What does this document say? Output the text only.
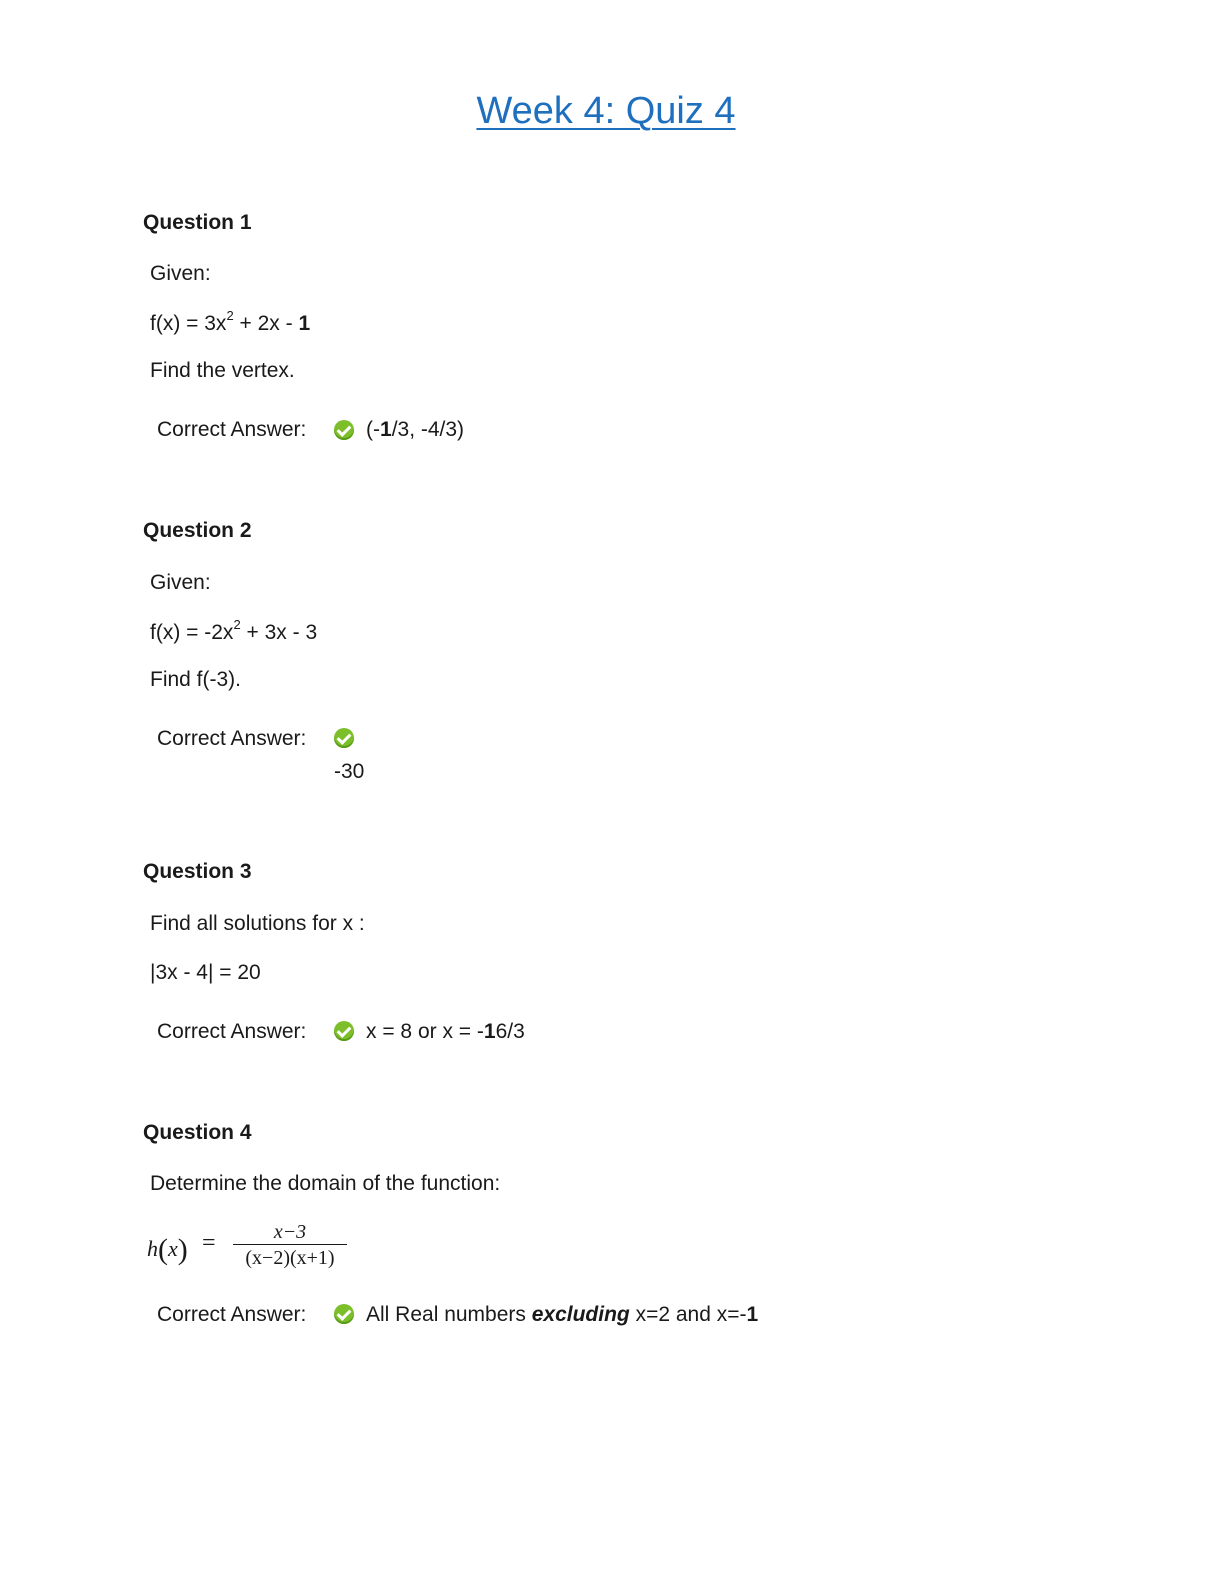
Week 4: Quiz 4
Question 1
Given:
$f(x) = 3x^2 + 2x - 1$
Find the vertex.
Correct Answer:	(-1/3, -4/3)
Question 2
Given:
$f(x) = -2x^2 + 3x - 3$
Find f(-3).
Correct Answer:
-30
Question 3
Find all solutions for x :
|3x - 4| = 20
Correct Answer:	x = 8 or x = -16/3
Question 4
Determine the domain of the function:
h(x) =	x−3
(x−2)(x+1)
Correct Answer:	All Real numbers excluding x=2 and x=-1
